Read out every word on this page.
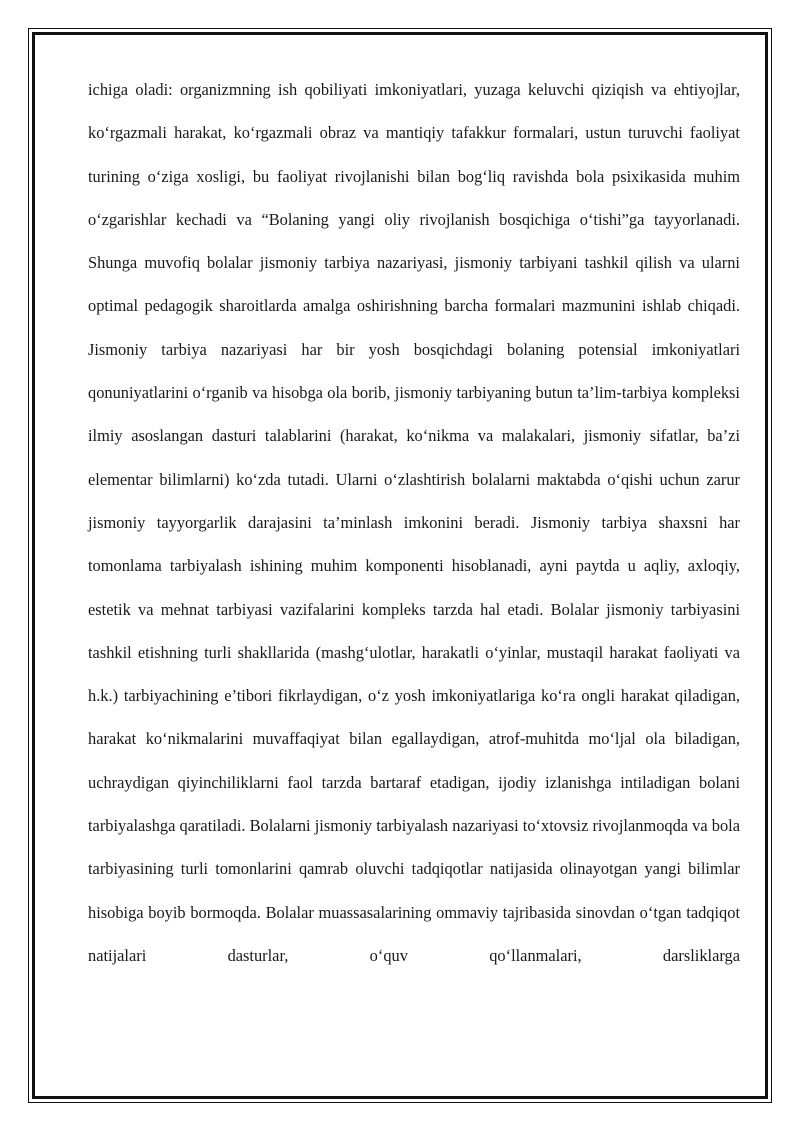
ichiga oladi: organizmning ish qobiliyati imkoniyatlari, yuzaga keluvchi qiziqish va ehtiyojlar, ko‘rgazmali harakat, ko‘rgazmali obraz va mantiqiy tafakkur formalari, ustun turuvchi faoliyat turining o‘ziga xosligi, bu faoliyat rivojlanishi bilan bog‘liq ravishda bola psixikasida muhim o‘zgarishlar kechadi va “Bolaning yangi oliy rivojlanish bosqichiga o‘tishi”ga tayyorlanadi. Shunga muvofiq bolalar jismoniy tarbiya nazariyasi, jismoniy tarbiyani tashkil qilish va ularni optimal pedagogik sharoitlarda amalga oshirishning barcha formalari mazmunini ishlab chiqadi. Jismoniy tarbiya nazariyasi har bir yosh bosqichdagi bolaning potensial imkoniyatlari qonuniyatlarini o‘rganib va hisobga ola borib, jismoniy tarbiyaning butun ta’lim-tarbiya kompleksi ilmiy asoslangan dasturi talablarini (harakat, ko‘nikma va malakalari, jismoniy sifatlar, ba’zi elementar bilimlarni) ko‘zda tutadi. Ularni o‘zlashtirish bolalarni maktabda o‘qishi uchun zarur jismoniy tayyorgarlik darajasini ta’minlash imkonini beradi. Jismoniy tarbiya shaxsni har tomonlama tarbiyalash ishining muhim komponenti hisoblanadi, ayni paytda u aqliy, axloqiy, estetik va mehnat tarbiyasi vazifalarini kompleks tarzda hal etadi. Bolalar jismoniy tarbiyasini tashkil etishning turli shakllarida (mashg‘ulotlar, harakatli o‘yinlar, mustaqil harakat faoliyati va h.k.) tarbiyachining e’tibori fikrlaydigan, o‘z yosh imkoniyatlariga ko‘ra ongli harakat qiladigan, harakat ko‘nikmalarini muvaffaqiyat bilan egallaydigan, atrof-muhitda mo‘ljal ola biladigan, uchraydigan qiyinchiliklarni faol tarzda bartaraf etadigan, ijodiy izlanishga intiladigan bolani tarbiyalashga qaratiladi. Bolalarni jismoniy tarbiyalash nazariyasi to‘xtovsiz rivojlanmoqda va bola tarbiyasining turli tomonlarini qamrab oluvchi tadqiqotlar natijasida olinayotgan yangi bilimlar hisobiga boyib bormoqda. Bolalar muassasalarining ommaviy tajribasida sinovdan o‘tgan tadqiqot natijalari dasturlar, o‘quv qo‘llanmalari, darsliklarga
